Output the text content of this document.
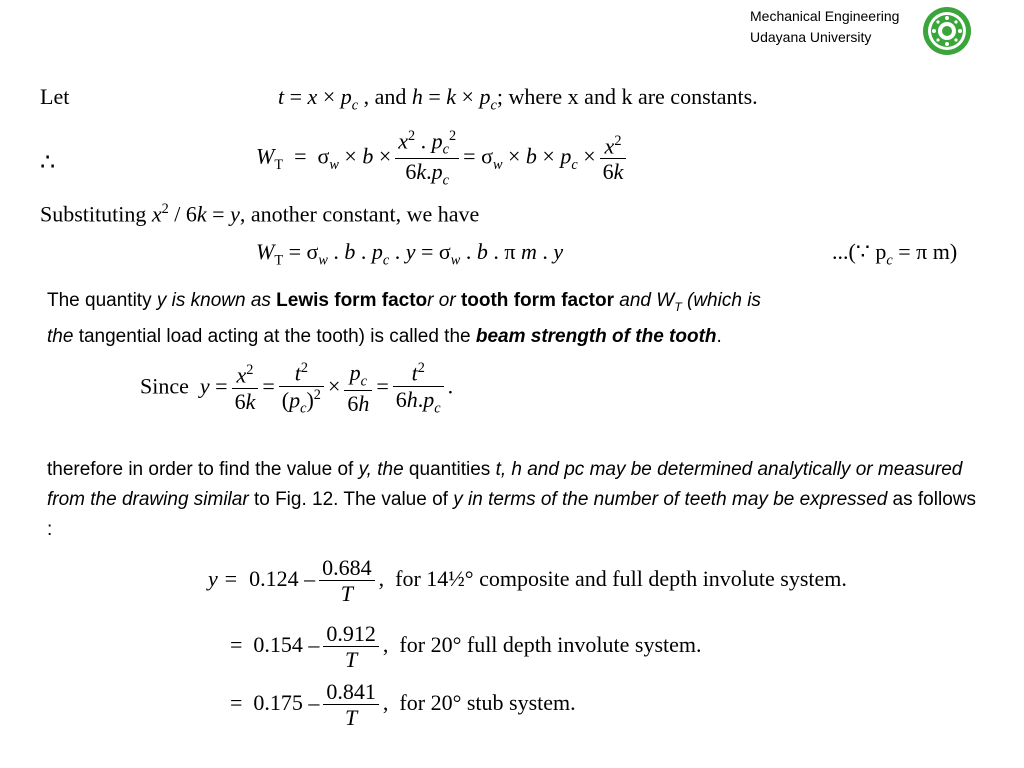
Mechanical Engineering
Udayana University
Let	$t = x \times p_c$ , and $h = k \times p_c$; where x and k are constants.
∴	$W_T = \sigma_w \times b \times \frac{x^2 . p_c^2}{6k.p_c} = \sigma_w \times b \times p_c \times \frac{x^2}{6k}$
Substituting $x^2 / 6k = y$, another constant, we have
$W_T = \sigma_w$ . b . $p_c$ . $y = \sigma_w$ . b . π m . y	...(∵ $p_c = \pi$ m)
The quantity y is known as Lewis form factor or tooth form factor and $W_T$ (which is
the tangential load acting at the tooth) is called the beam strength of the tooth.
Since $y = \frac{x^2}{6k} = \frac{t^2}{(p_c)^2} \times \frac{p_c}{6h} = \frac{t^2}{6h.p_c}$ .
therefore in order to find the value of y, the quantities t, h and pc may be determined analytically or measured from the drawing similar to Fig. 12. The value of y in terms of the number of teeth may be expressed as follows :
$y = 0.124 - \frac{0.684}{T}$ ,  for 14½° composite and full depth involute system.
= $0.154 - \frac{0.912}{T}$ ,  for 20° full depth involute system.
= $0.175 - \frac{0.841}{T}$ ,  for 20° stub system.
